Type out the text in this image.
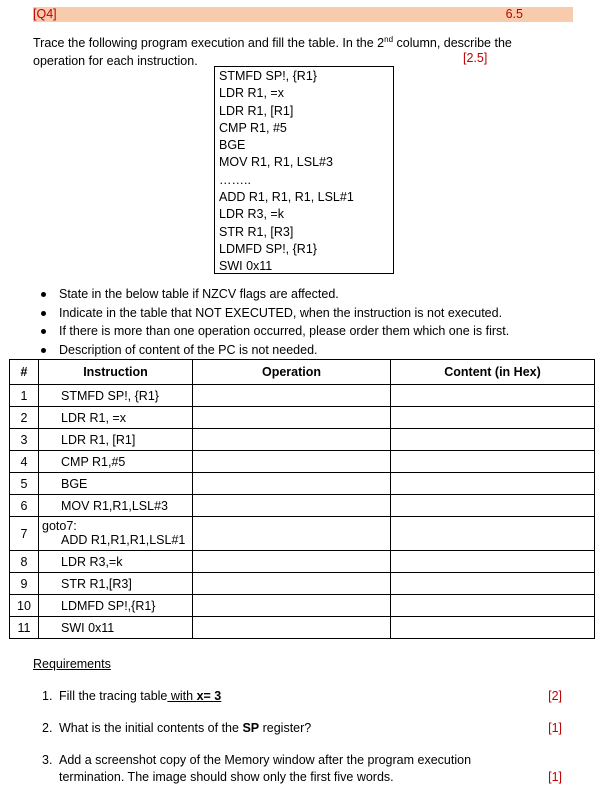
[Q4]	6.5
Trace the following program execution and fill the table. In the 2nd column, describe the
operation for each instruction.	[2.5]
STMFD SP!, {R1}
LDR R1, =x
LDR R1, [R1]
CMP R1, #5
BGE
MOV R1, R1, LSL#3
……..
ADD R1, R1, R1, LSL#1
LDR R3, =k
STR R1, [R3]
LDMFD SP!, {R1}
SWI 0x11
State in the below table if NZCV flags are affected.
Indicate in the table that NOT EXECUTED, when the instruction is not executed.
If there is more than one operation occurred, please order them which one is first.
Description of content of the PC is not needed.
#	Instruction	Operation	Content (in Hex)
1	STMFD SP!, {R1}		
2	LDR R1, =x		
3	LDR R1, [R1]		
4	CMP R1,#5		
5	BGE		
6	MOV R1,R1,LSL#3		
7	goto7:
ADD R1,R1,R1,LSL#1		

8	LDR R3,=k		
9	STR R1,[R3]		
10	LDMFD SP!,{R1}		
11	SWI 0x11		
Requirements
1. Fill the tracing table with x= 3	[2]
2. What is the initial contents of the SP register?	[1]
3. Add a screenshot copy of the Memory window after the program execution
termination. The image should show only the first five words.	[1]
